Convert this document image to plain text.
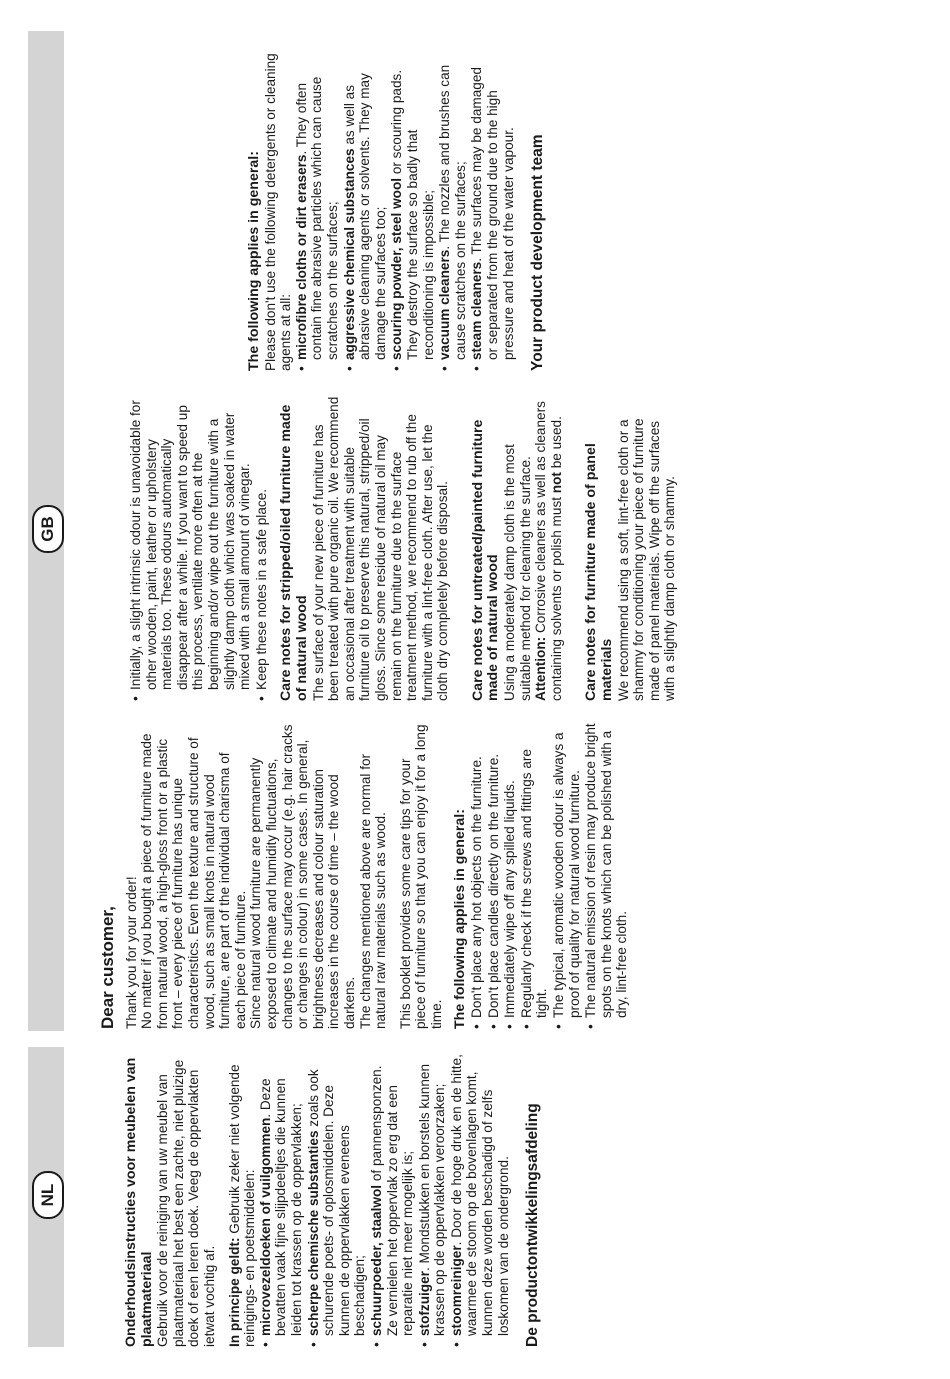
NL
GB
Onderhoudsinstructies voor meubelen van plaatmateriaal Gebruik voor de reiniging van uw meubel van plaatmateriaal het best een zachte, niet pluizige doek of een leren doek. Veeg de oppervlakten ietwat vochtig af. In principe geldt: Gebruik zeker niet volgende reinigings- en poetsmiddelen: • microvezeldoeken of vuilgommen. Deze bevatten vaak fijne slijpdeeltjes die kunnen leiden tot krassen op de oppervlakken; • scherpe chemische substanties zoals ook schurende poets- of oplosmiddelen. Deze kunnen de oppervlakken eveneens beschadigen; • schuurpoeder, staalwol of pannensponzen. Ze vernielen het oppervlak zo erg dat een reparatie niet meer mogelijk is; • stofzuiger. Mondstukken en borstels kunnen krassen op de oppervlakken veroorzaken; • stoomreiniger. Door de hoge druk en de hitte, waarmee de stoom op de bovenlagen komt, kunnen deze worden beschadigd of zelfs loskomen van de ondergrond. De productontwikkelingsafdeling
Dear customer, Thank you for your order! No matter if you bought a piece of furniture made from natural wood, a high-gloss front or a plastic front – every piece of furniture has unique characteristics. Even the texture and structure of wood, such as small knots in natural wood furniture, are part of the individual charisma of each piece of furniture. Since natural wood furniture are permanently exposed to climate and humidity fluctuations, changes to the surface may occur (e.g. hair cracks or changes in colour) in some cases. In general, brightness decreases and colour saturation increases in the course of time – the wood darkens. The changes mentioned above are normal for natural raw materials such as wood. This booklet provides some care tips for your piece of furniture so that you can enjoy it for a long time. The following applies in general: • Don't place any hot objects on the furniture. • Don't place candles directly on the furniture. • Immediately wipe off any spilled liquids. • Regularly check if the screws and fittings are tight. • The typical, aromatic wooden odour is always a proof of quality for natural wood furniture. • The natural emission of resin may produce bright spots on the knots which can be polished with a dry, lint-free cloth.
• Initially, a slight intrinsic odour is unavoidable for other wooden, paint, leather or upholstery materials too. These odours automatically disappear after a while. If you want to speed up this process, ventilate more often at the beginning and/or wipe out the furniture with a slightly damp cloth which was soaked in water mixed with a small amount of vinegar. • Keep these notes in a safe place. Care notes for stripped/oiled furniture made of natural wood The surface of your new piece of furniture has been treated with pure organic oil. We recommend an occasional after treatment with suitable furniture oil to preserve this natural, stripped/oil gloss. Since some residue of natural oil may remain on the furniture due to the surface treatment method, we recommend to rub off the furniture with a lint-free cloth. After use, let the cloth dry completely before disposal. Care notes for untreated/painted furniture made of natural wood Using a moderately damp cloth is the most suitable method for cleaning the surface. Attention: Corrosive cleaners as well as cleaners containing solvents or polish must not be used. Care notes for furniture made of panel materials We recommend using a soft, lint-free cloth or a shammy for conditioning your piece of furniture made of panel materials. Wipe off the surfaces with a slightly damp cloth or shammy.

The following applies in general: Please don't use the following detergents or cleaning agents at all: • microfibre cloths or dirt erasers. They often contain fine abrasive particles which can cause scratches on the surfaces; • aggressive chemical substances as well as abrasive cleaning agents or solvents. They may damage the surfaces too; • scouring powder, steel wool or scouring pads. They destroy the surface so badly that reconditioning is impossible; • vacuum cleaners. The nozzles and brushes can cause scratches on the surfaces; • steam cleaners. The surfaces may be damaged or separated from the ground due to the high pressure and heat of the water vapour. Your product development team
